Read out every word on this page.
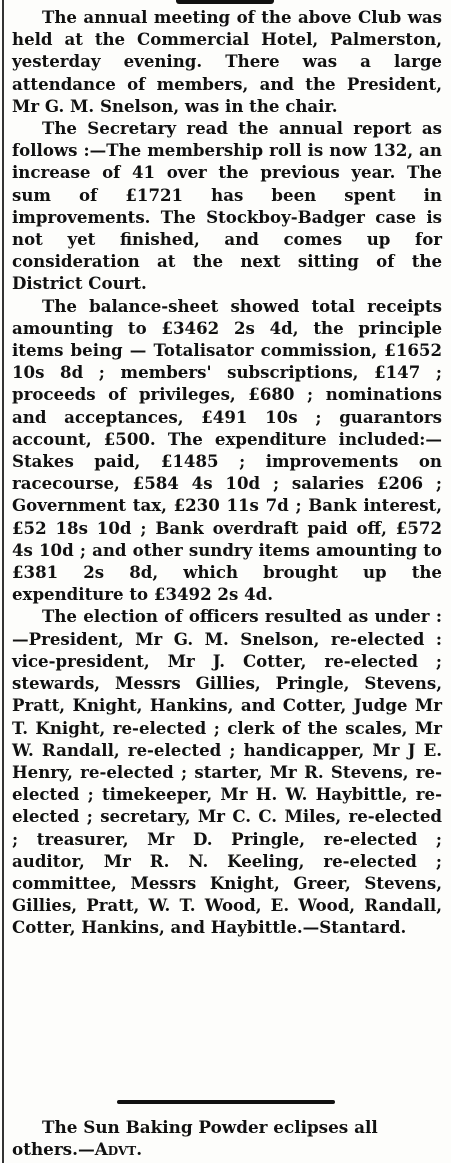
The annual meeting of the above Club was held at the Commercial Hotel, Palmerston, yesterday evening. There was a large attendance of members, and the President, Mr G. M. Snelson, was in the chair.

The Secretary read the annual report as follows :—The membership roll is now 132, an increase of 41 over the previous year. The sum of £1721 has been spent in improvements. The Stockboy-Badger case is not yet finished, and comes up for consideration at the next sitting of the District Court.

The balance-sheet showed total receipts amounting to £3462 2s 4d, the principle items being — Totalisator commission, £1652 10s 8d ; members' subscriptions, £147 ; proceeds of privileges, £680 ; nominations and acceptances, £491 10s ; guarantors account, £500. The expenditure included:—Stakes paid, £1485 ; improvements on racecourse, £584 4s 10d ; salaries £206 ; Government tax, £230 11s 7d ; Bank interest, £52 18s 10d ; Bank overdraft paid off, £572 4s 10d ; and other sundry items amounting to £381 2s 8d, which brought up the expenditure to £3492 2s 4d.

The election of officers resulted as under :—President, Mr G. M. Snelson, re-elected : vice-president, Mr J. Cotter, re-elected ; stewards, Messrs Gillies, Pringle, Stevens, Pratt, Knight, Hankins, and Cotter, Judge Mr T. Knight, re-elected ; clerk of the scales, Mr W. Randall, re-elected ; handicapper, Mr J E. Henry, re-elected ; starter, Mr R. Stevens, re-elected ; timekeeper, Mr H. W. Haybittle, re-elected ; secretary, Mr C. C. Miles, re-elected ; treasurer, Mr D. Pringle, re-elected ; auditor, Mr R. N. Keeling, re-elected ; committee, Messrs Knight, Greer, Stevens, Gillies, Pratt, W. T. Wood, E. Wood, Randall, Cotter, Hankins, and Haybittle.—Stantard.

The Sun Baking Powder eclipses all others.—Advt.
